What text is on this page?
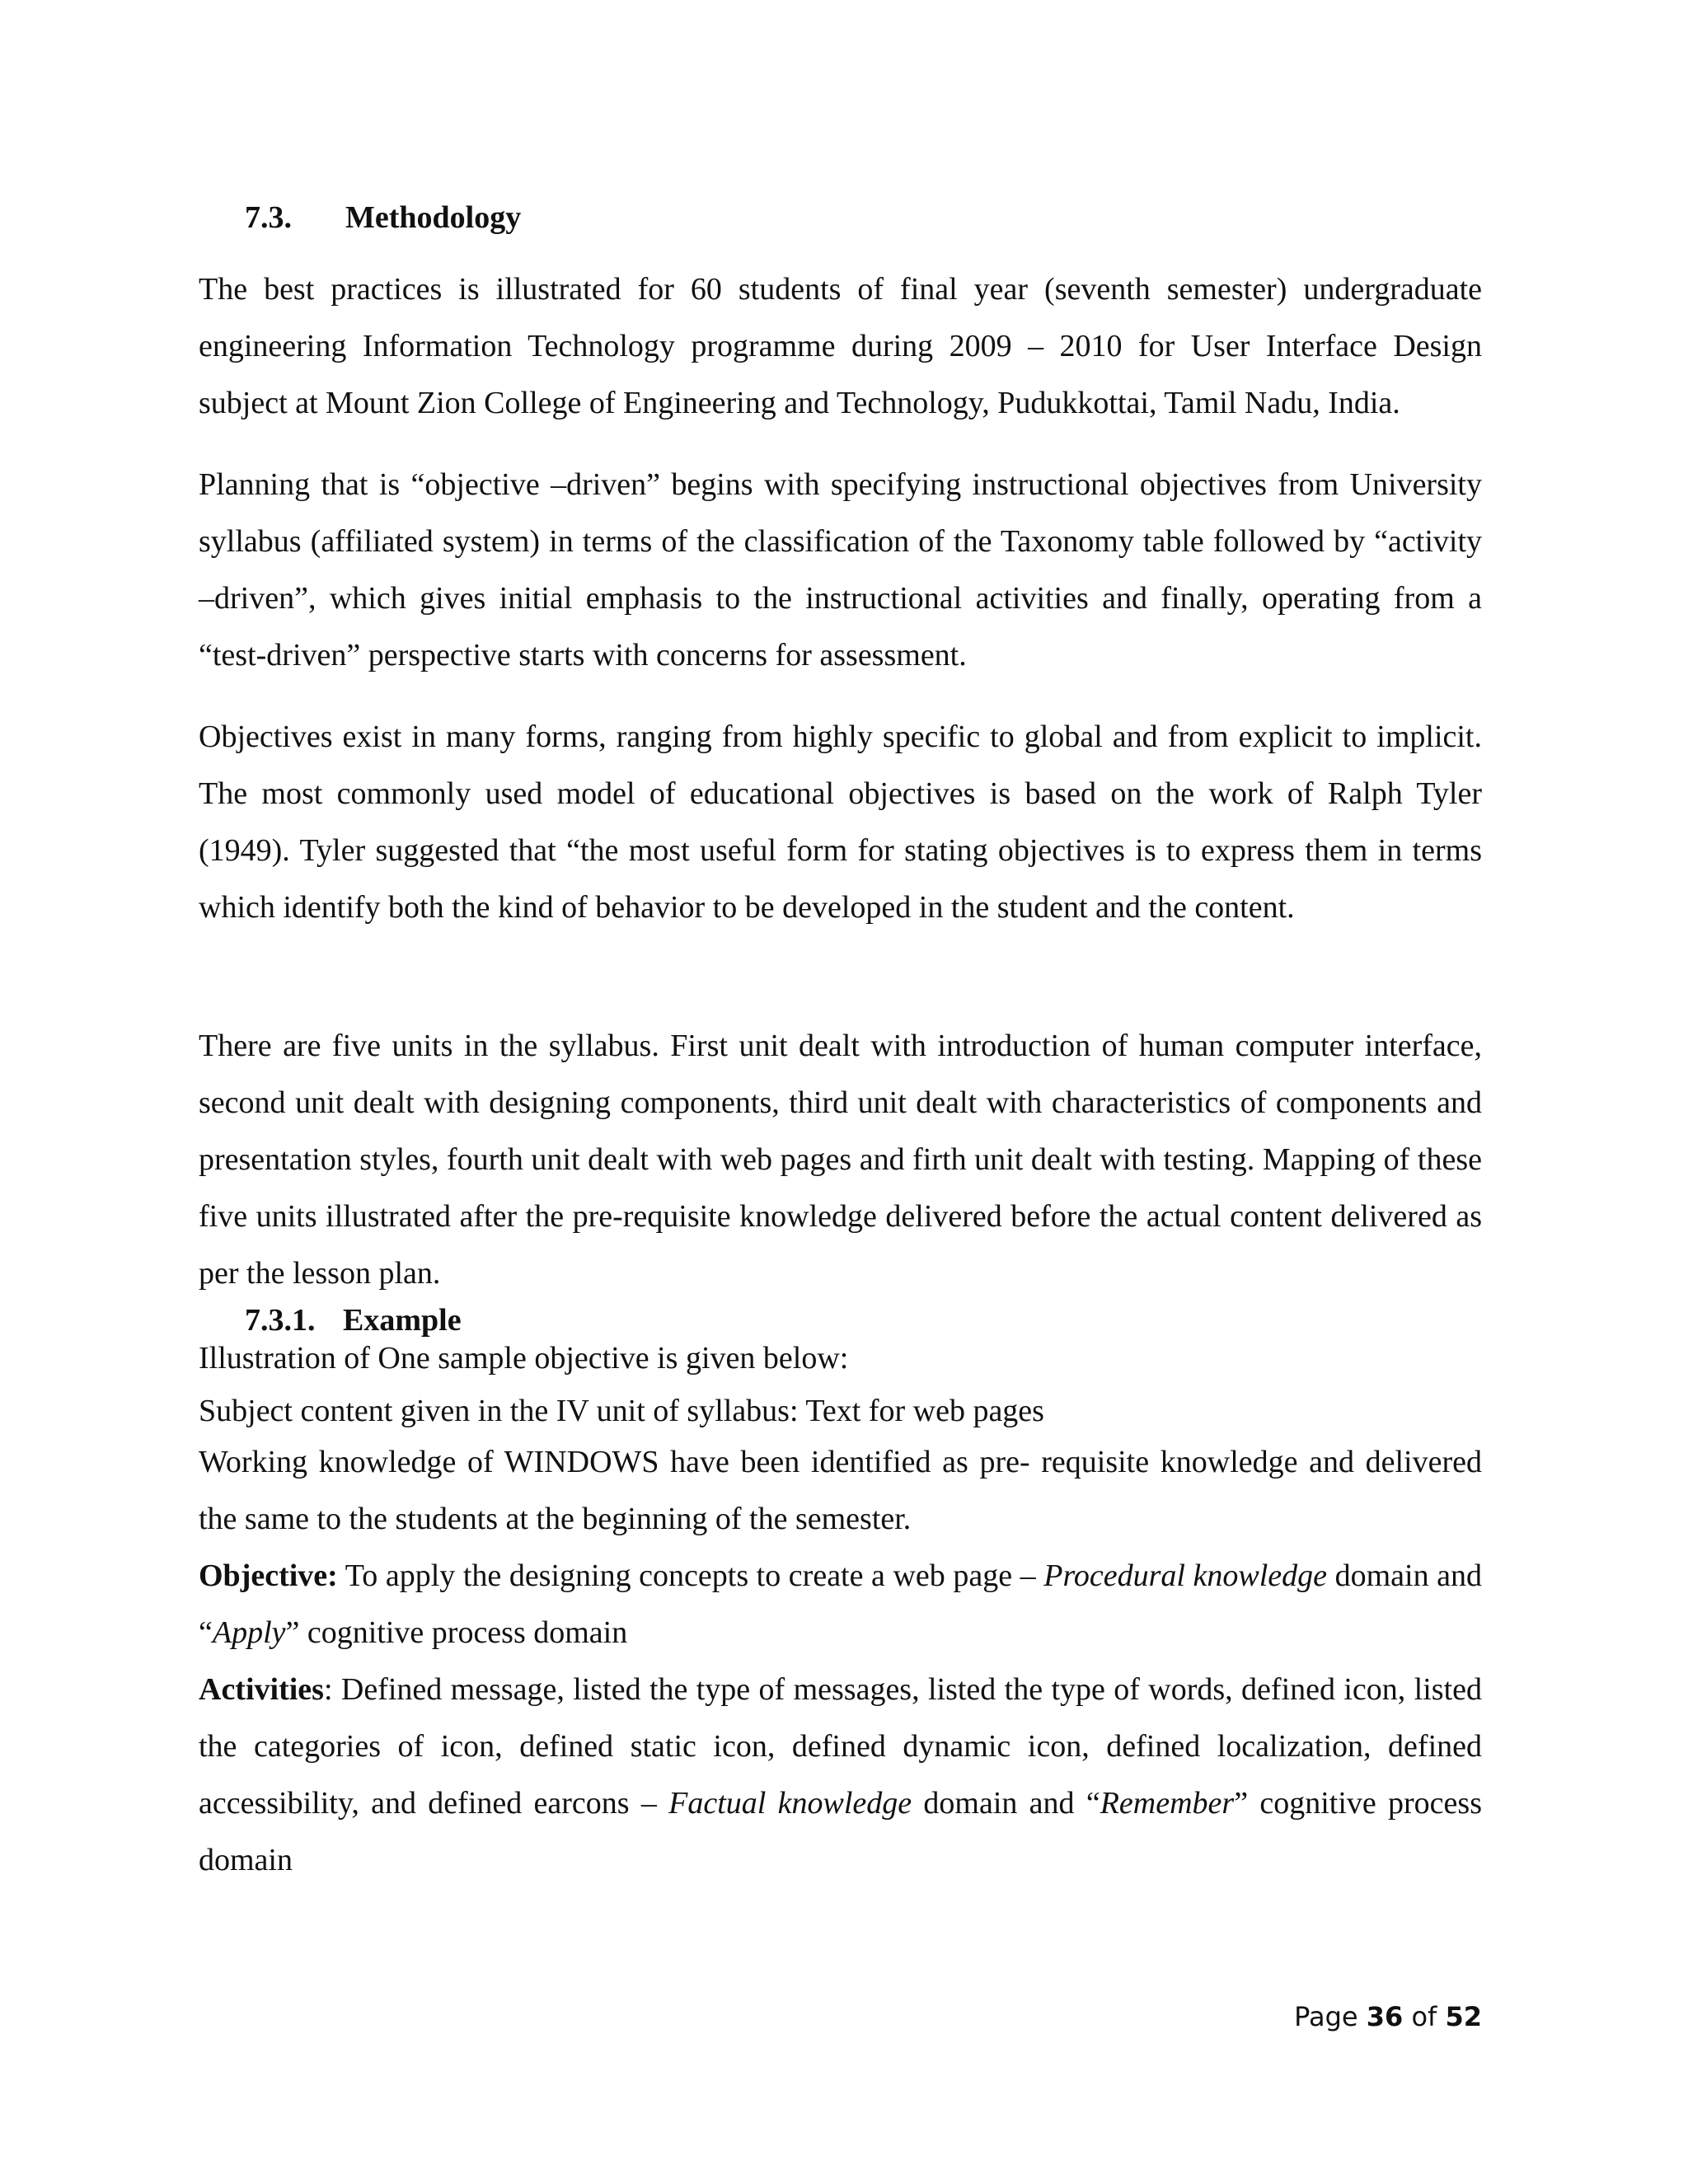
7.3. Methodology

The best practices is illustrated for 60 students of final year (seventh semester) undergraduate engineering Information Technology programme during 2009 – 2010 for User Interface Design subject at Mount Zion College of Engineering and Technology, Pudukkottai, Tamil Nadu, India.

Planning that is “objective –driven” begins with specifying instructional objectives from University syllabus (affiliated system) in terms of the classification of the Taxonomy table followed by “activity –driven”, which gives initial emphasis to the instructional activities and finally, operating from a “test-driven” perspective starts with concerns for assessment.

Objectives exist in many forms, ranging from highly specific to global and from explicit to implicit. The most commonly used model of educational objectives is based on the work of Ralph Tyler (1949). Tyler suggested that “the most useful form for stating objectives is to express them in terms which identify both the kind of behavior to be developed in the student and the content.

There are five units in the syllabus. First unit dealt with introduction of human computer interface, second unit dealt with designing components, third unit dealt with characteristics of components and presentation styles, fourth unit dealt with web pages and firth unit dealt with testing. Mapping of these five units illustrated after the pre-requisite knowledge delivered before the actual content delivered as per the lesson plan.

7.3.1. Example

Illustration of One sample objective is given below:

Subject content given in the IV unit of syllabus: Text for web pages

Working knowledge of WINDOWS have been identified as pre- requisite knowledge and delivered the same to the students at the beginning of the semester.

Objective: To apply the designing concepts to create a web page – Procedural knowledge domain and “Apply” cognitive process domain

Activities: Defined message, listed the type of messages, listed the type of words, defined icon, listed the categories of icon, defined static icon, defined dynamic icon, defined localization, defined accessibility, and defined earcons – Factual knowledge domain and “Remember” cognitive process domain

Page 36 of 52
